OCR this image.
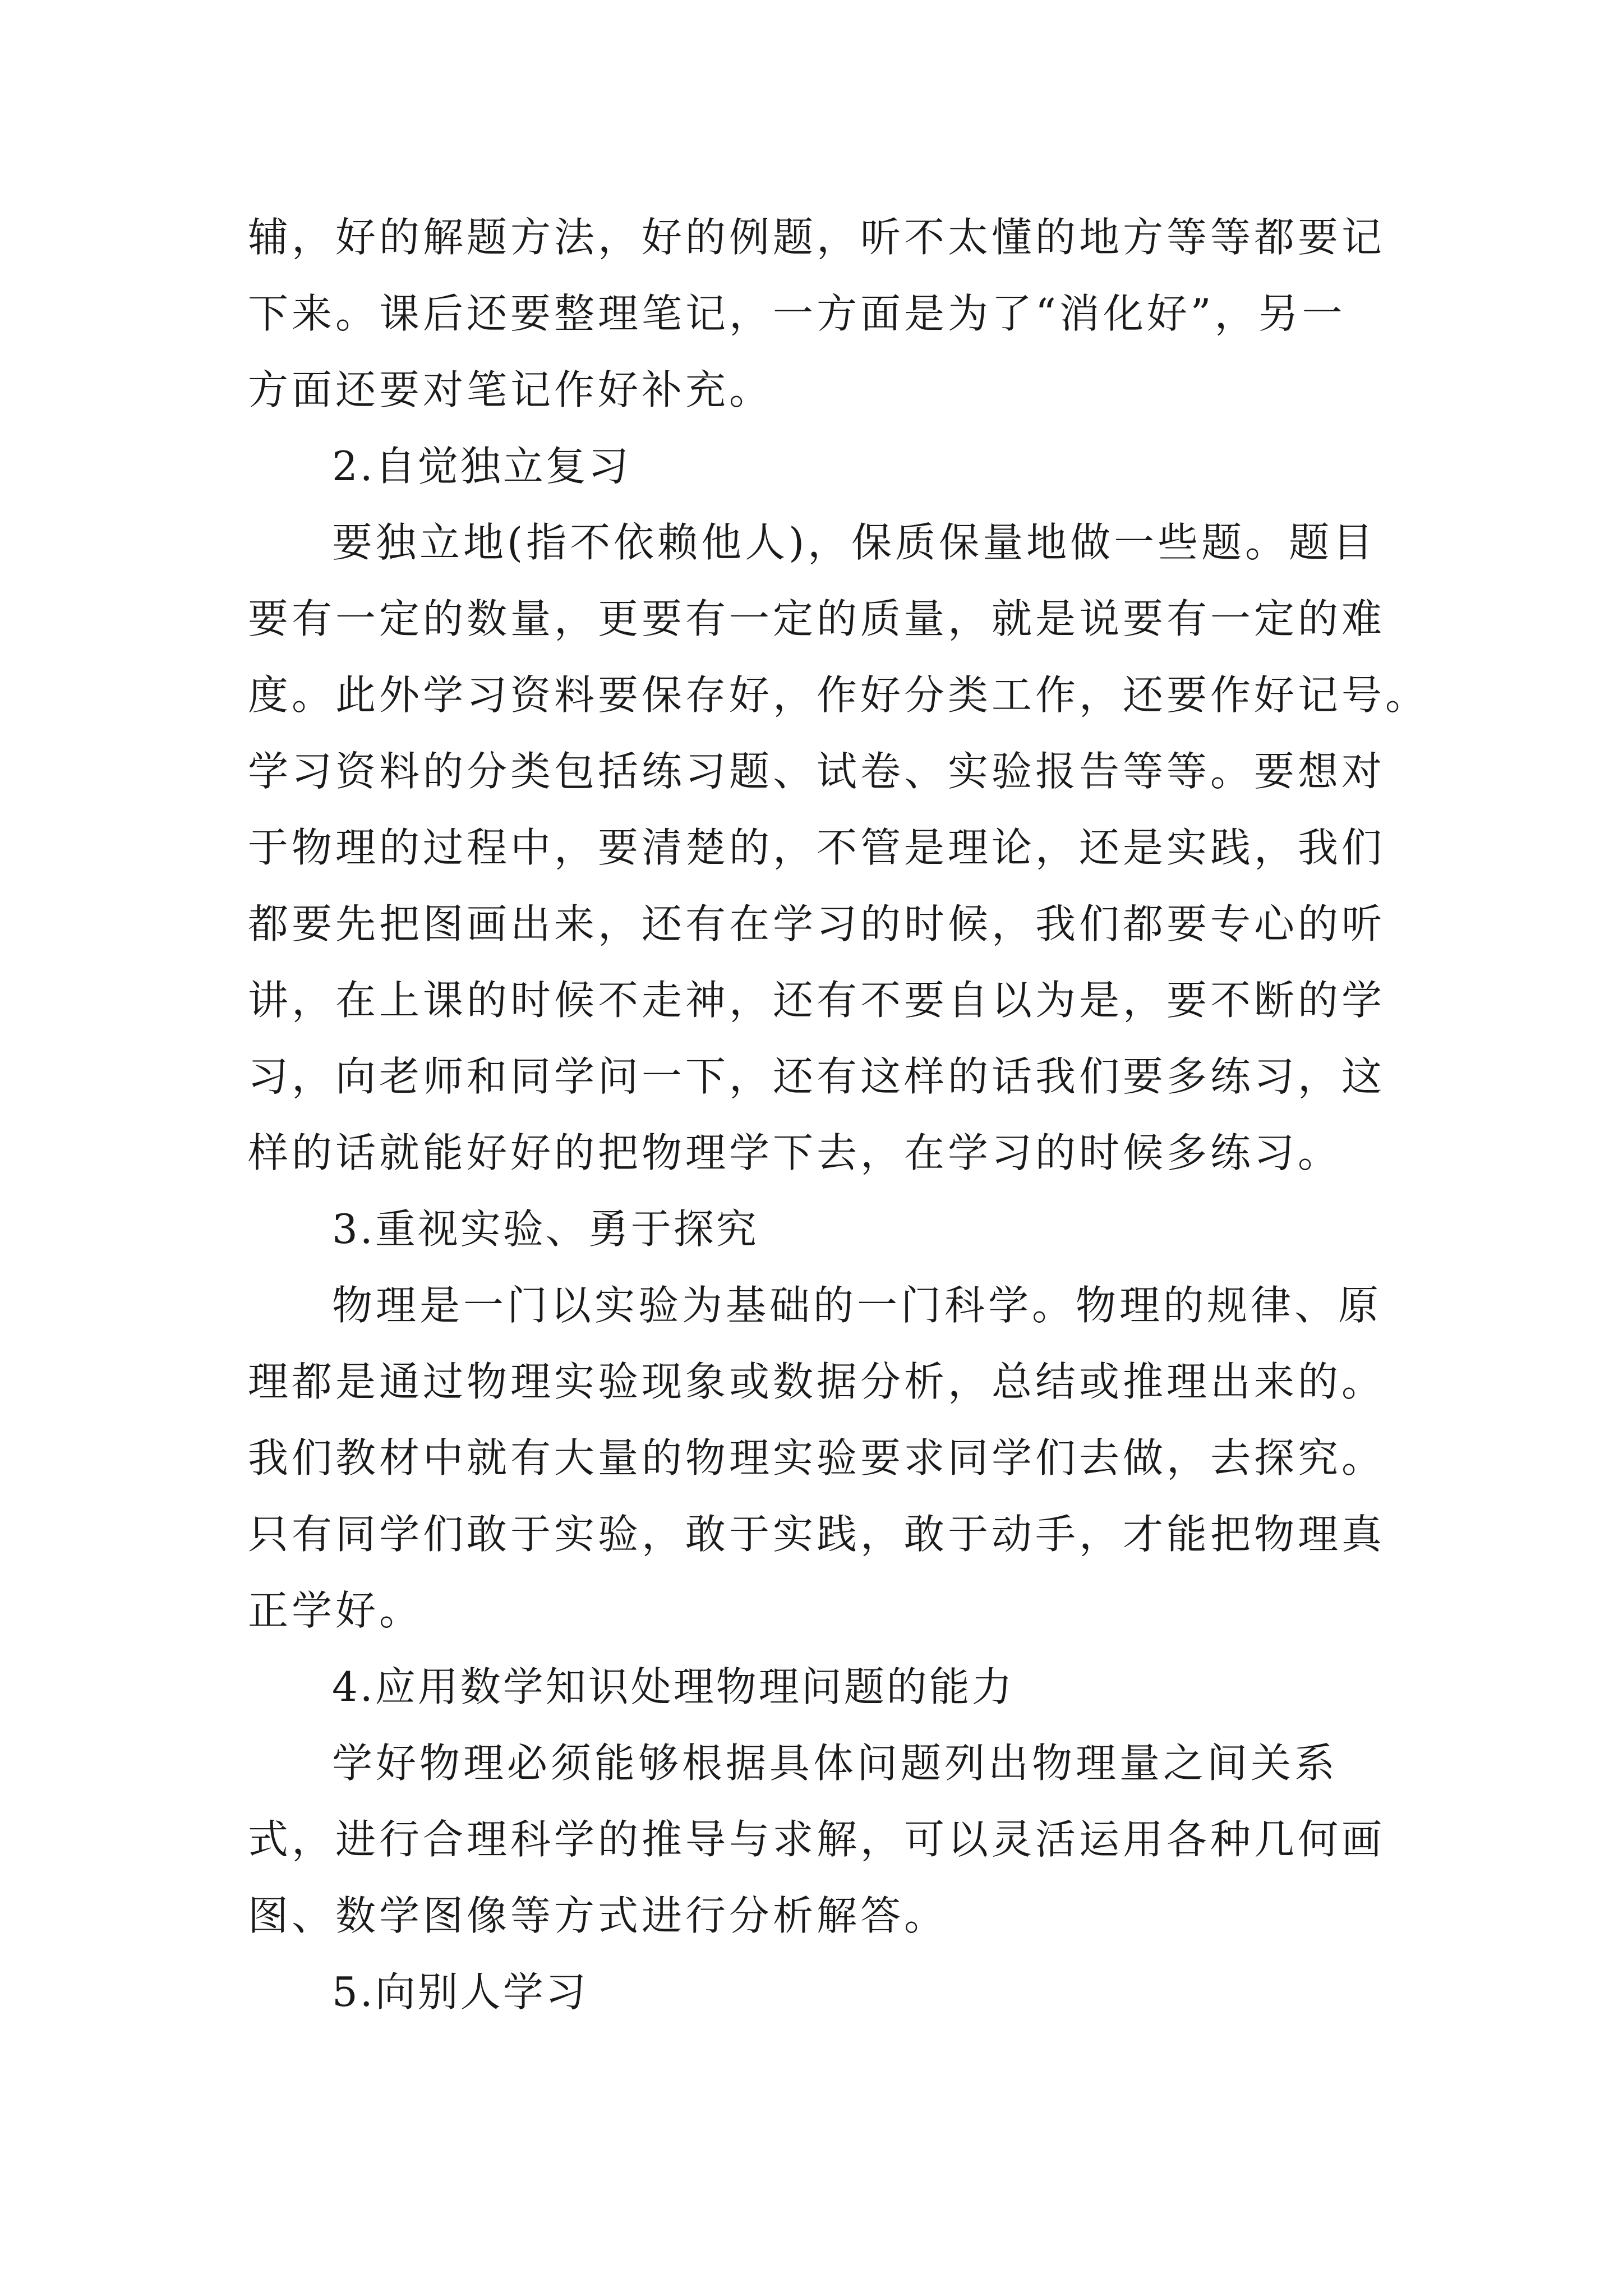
辅，好的解题方法，好的例题，听不太懂的地方等等都要记
下来。课后还要整理笔记，一方面是为了“消化好”，另一
方面还要对笔记作好补充。
2.自觉独立复习
要独立地(指不依赖他人)，保质保量地做一些题。题目
要有一定的数量，更要有一定的质量，就是说要有一定的难
度。此外学习资料要保存好，作好分类工作，还要作好记号。
学习资料的分类包括练习题、试卷、实验报告等等。要想对
于物理的过程中，要清楚的，不管是理论，还是实践，我们
都要先把图画出来，还有在学习的时候，我们都要专心的听
讲，在上课的时候不走神，还有不要自以为是，要不断的学
习，向老师和同学问一下，还有这样的话我们要多练习，这
样的话就能好好的把物理学下去，在学习的时候多练习。
3.重视实验、勇于探究
物理是一门以实验为基础的一门科学。物理的规律、原
理都是通过物理实验现象或数据分析，总结或推理出来的。
我们教材中就有大量的物理实验要求同学们去做，去探究。
只有同学们敢于实验，敢于实践，敢于动手，才能把物理真
正学好。
4.应用数学知识处理物理问题的能力
学好物理必须能够根据具体问题列出物理量之间关系
式，进行合理科学的推导与求解，可以灵活运用各种几何画
图、数学图像等方式进行分析解答。
5.向别人学习
